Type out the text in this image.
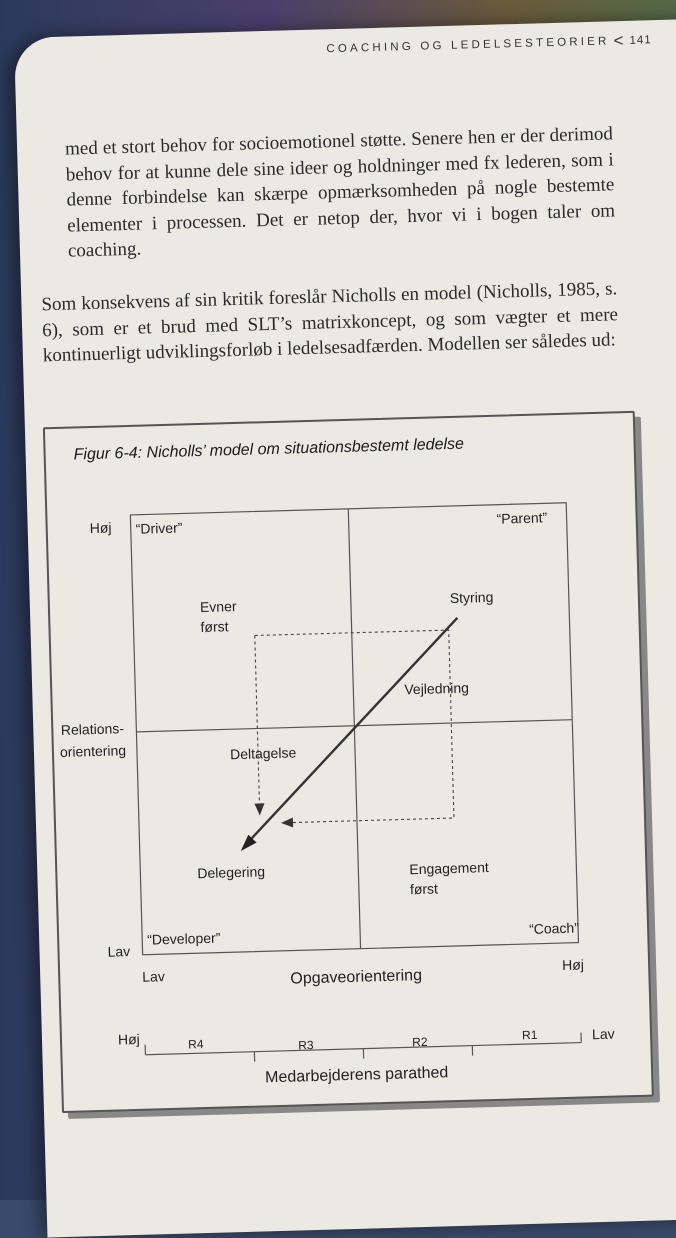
COACHING OG LEDELSESTEORIER < 141
med et stort behov for socioemotionel støtte. Senere hen er der derimod behov for at kunne dele sine ideer og holdninger med fx lederen, som i denne forbindelse kan skærpe opmærksomheden på nogle bestemte elementer i processen. Det er netop der, hvor vi i bogen taler om coaching.
Som konsekvens af sin kritik foreslår Nicholls en model (Nicholls, 1985, s. 6), som er et brud med SLT’s matrixkoncept, og som vægter et mere kontinuerligt udviklingsforløb i ledelsesadfærden. Modellen ser således ud:
Figur 6-4: Nicholls’ model om situationsbestemt ledelse
Høj “Driver”
“Parent”
“Developer”
“Coach”
Evner
først
Styring
Vejledning
Deltagelse
Delegering	Engagement
først
Relations-
orientering
Lav
Lav	Opgaveorientering
Høj
Høj	R4	R3	R2	R1	Lav
Medarbejderens parathed
